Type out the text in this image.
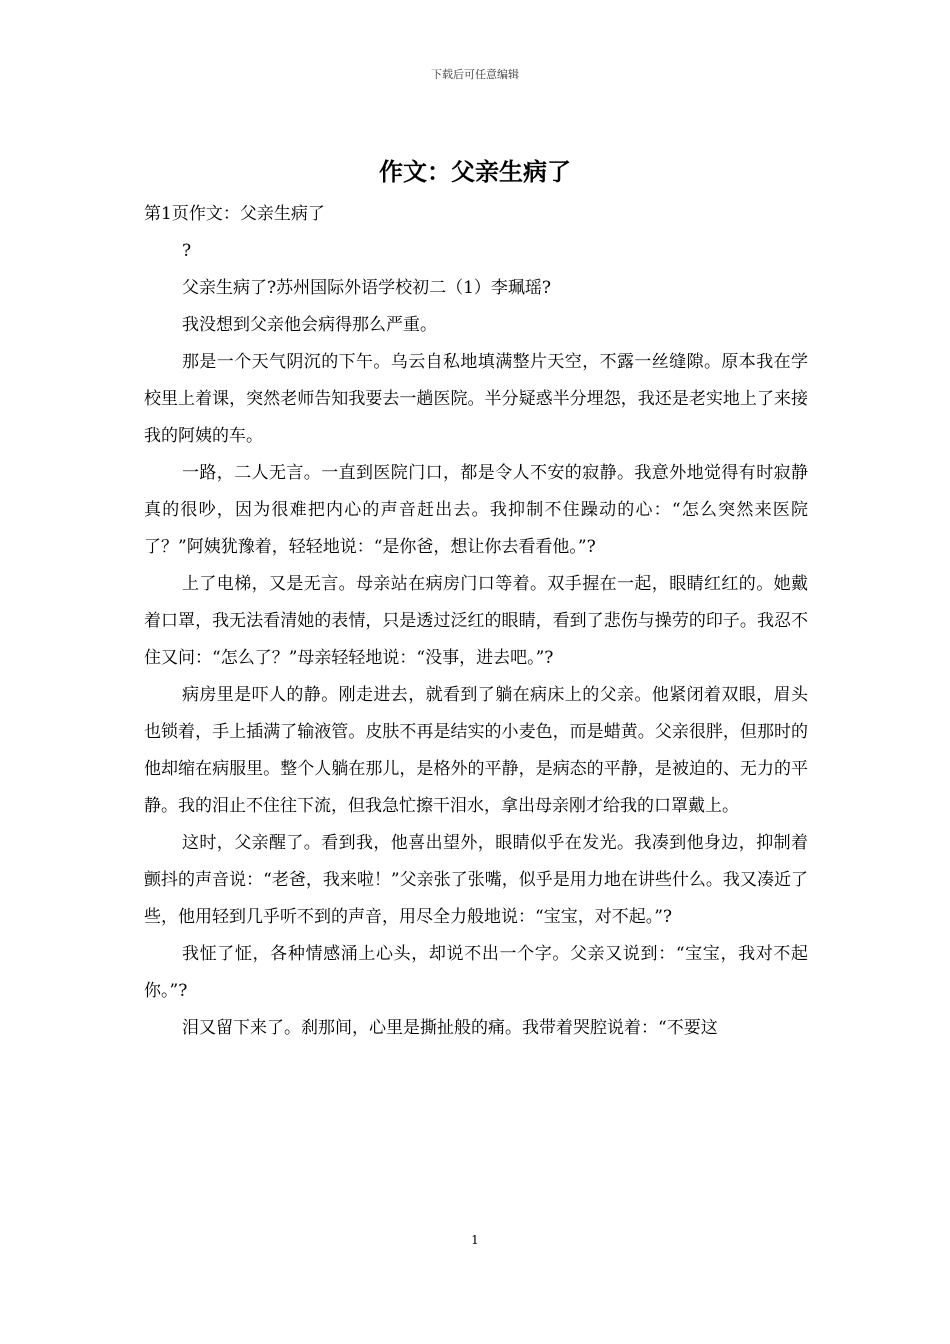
下载后可任意编辑
作文：父亲生病了

第1页作文：父亲生病了

?

父亲生病了?苏州国际外语学校初二（1）李珮瑶?

我没想到父亲他会病得那么严重。

那是一个天气阴沉的下午。乌云自私地填满整片天空，不露一丝缝隙。原本我在学校里上着课，突然老师告知我要去一趟医院。半分疑惑半分埋怨，我还是老实地上了来接我的阿姨的车。

一路，二人无言。一直到医院门口，都是令人不安的寂静。我意外地觉得有时寂静真的很吵，因为很难把内心的声音赶出去。我抑制不住躁动的心：“怎么突然来医院了？”阿姨犹豫着，轻轻地说：“是你爸，想让你去看看他。”?

上了电梯，又是无言。母亲站在病房门口等着。双手握在一起，眼睛红红的。她戴着口罩，我无法看清她的表情，只是透过泛红的眼睛，看到了悲伤与操劳的印子。我忍不住又问：“怎么了？”母亲轻轻地说：“没事，进去吧。”?

病房里是吓人的静。刚走进去，就看到了躺在病床上的父亲。他紧闭着双眼，眉头也锁着，手上插满了输液管。皮肤不再是结实的小麦色，而是蜡黄。父亲很胖，但那时的他却缩在病服里。整个人躺在那儿，是格外的平静，是病态的平静，是被迫的、无力的平静。我的泪止不住往下流，但我急忙擦干泪水，拿出母亲刚才给我的口罩戴上。

这时，父亲醒了。看到我，他喜出望外，眼睛似乎在发光。我凑到他身边，抑制着颤抖的声音说：“老爸，我来啦！”父亲张了张嘴，似乎是用力地在讲些什么。我又凑近了些，他用轻到几乎听不到的声音，用尽全力般地说：“宝宝，对不起。”?

我怔了怔，各种情感涌上心头，却说不出一个字。父亲又说到：“宝宝，我对不起你。”?

泪又留下来了。刹那间，心里是撕扯般的痛。我带着哭腔说着：“不要这

1
